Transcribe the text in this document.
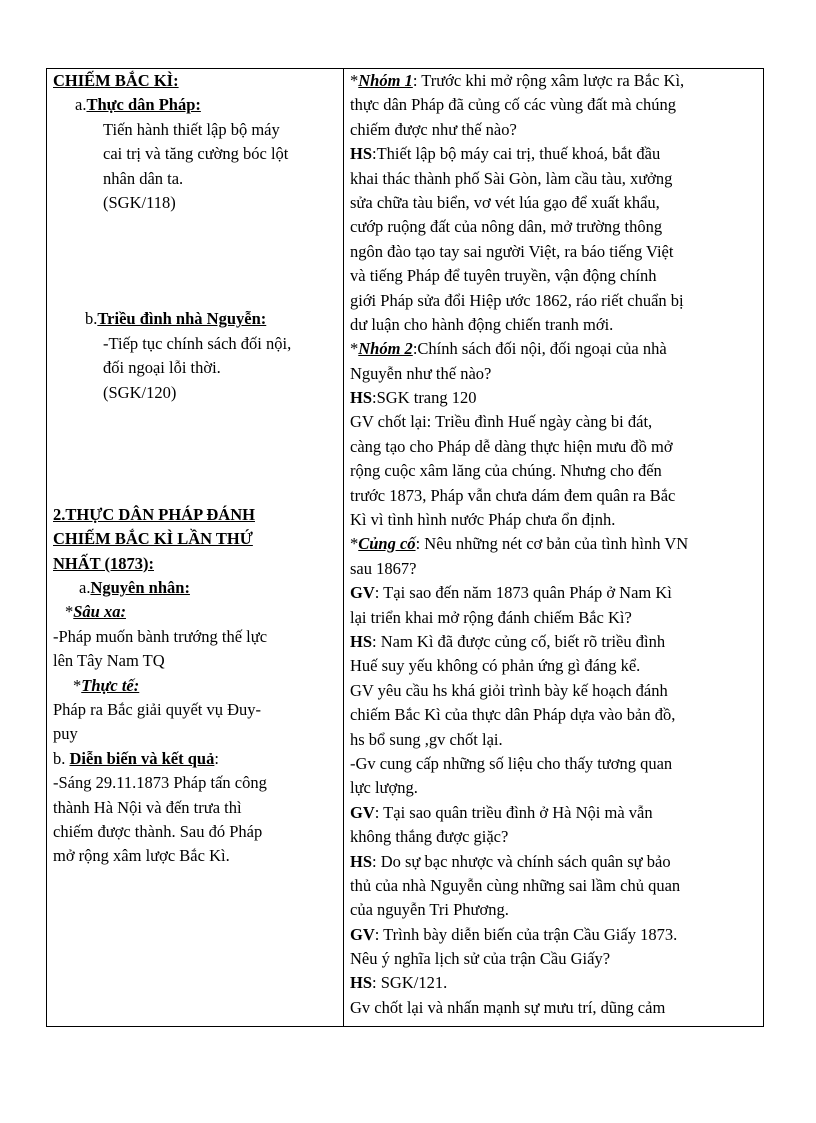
CHIẾM BẮC KÌ:
a.Thực dân Pháp:
Tiến hành thiết lập bộ máy
cai trị và tăng cường bóc lột
nhân dân ta.
(SGK/118)
b.Triều đình nhà Nguyễn:
-Tiếp tục chính sách đối nội,
đối ngoại lỗi thời.
(SGK/120)
2.THỰC DÂN PHÁP ĐÁNH
CHIẾM BẮC KÌ LẦN THỨ
NHẤT (1873):
a.Nguyên nhân:
*Sâu xa:
-Pháp muốn bành trướng thế lực
lên Tây Nam TQ
*Thực tế:
Pháp ra Bắc giải quyết vụ Đuy-
puy
b. Diễn biến và kết quả:
-Sáng 29.11.1873 Pháp tấn công
thành Hà Nội và đến trưa thì
chiếm được thành. Sau đó Pháp
mở rộng xâm lược Bắc Kì.
*Nhóm 1: Trước khi mở rộng xâm lược ra Bắc Kì,
thực dân Pháp đã củng cố các vùng đất mà chúng
chiếm được như thế nào?
HS:Thiết lập bộ máy cai trị, thuế khoá, bắt đầu
khai thác thành phố Sài Gòn, làm cầu tàu, xưởng
sửa chữa tàu biển, vơ vét lúa gạo để xuất khẩu,
cướp ruộng đất của nông dân, mở trường thông
ngôn đào tạo tay sai người Việt, ra báo tiếng Việt
và tiếng Pháp để tuyên truyền, vận động chính
giới Pháp sửa đổi Hiệp ước 1862, ráo riết chuẩn bị
dư luận cho hành động chiến tranh mới.
*Nhóm 2:Chính sách đối nội, đối ngoại của nhà
Nguyễn như thế nào?
HS:SGK trang 120
GV chốt lại: Triều đình Huế ngày càng bi đát,
càng tạo cho Pháp dễ dàng thực hiện mưu đồ mở
rộng cuộc xâm lăng của chúng. Nhưng cho đến
trước 1873, Pháp vẫn chưa dám đem quân ra Bắc
Kì vì tình hình nước Pháp chưa ổn định.
*Củng cố: Nêu những nét cơ bản của tình hình VN
sau 1867?
GV: Tại sao đến năm 1873 quân Pháp ở Nam Kì
lại triển khai mở rộng đánh chiếm Bắc Kì?
HS: Nam Kì đã được củng cố, biết rõ triều đình
Huế suy yếu không có phản ứng gì đáng kể.
GV yêu cầu hs khá giỏi trình bày kế hoạch đánh
chiếm Bắc Kì của thực dân Pháp dựa vào bản đồ,
hs bổ sung ,gv chốt lại.
-Gv cung cấp những số liệu cho thấy tương quan
lực lượng.
GV: Tại sao quân triều đình ở Hà Nội mà vẫn
không thắng được giặc?
HS: Do sự bạc nhược và chính sách quân sự bảo
thủ của nhà Nguyễn cùng những sai lầm chủ quan
của nguyễn Tri Phương.
GV: Trình bày diễn biến của trận Cầu Giấy 1873.
Nêu ý nghĩa lịch sử của trận Cầu Giấy?
HS: SGK/121.
Gv chốt lại và nhấn mạnh sự mưu trí, dũng cảm
